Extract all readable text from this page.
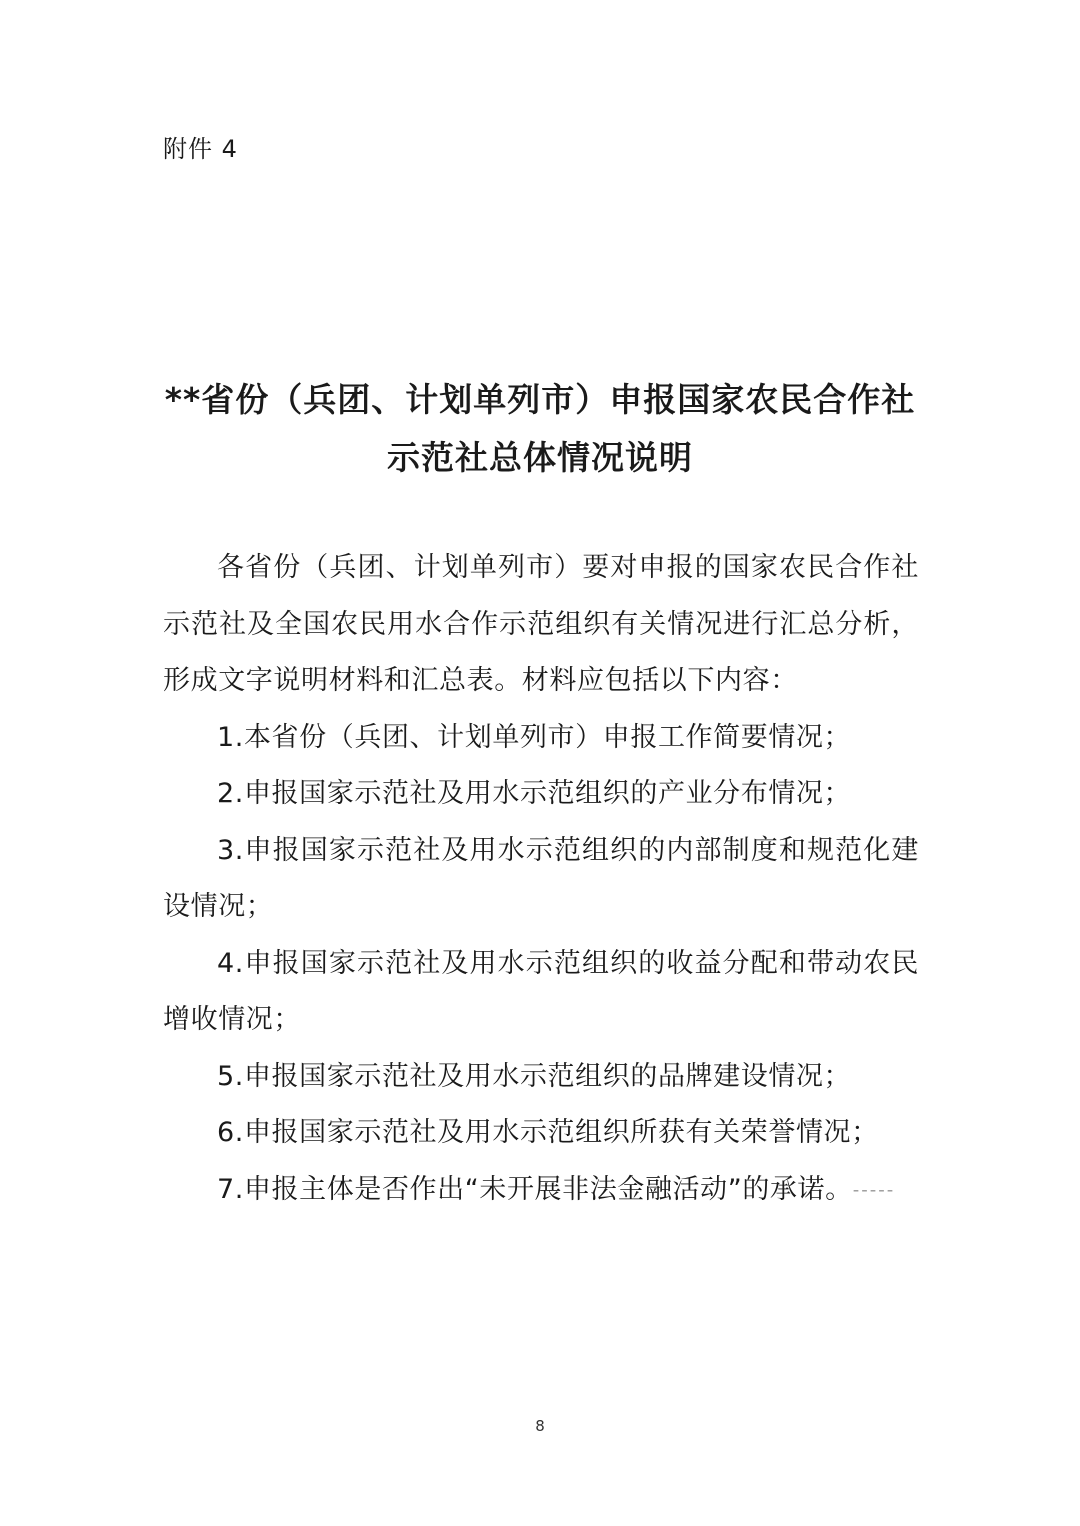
附件 4
**省份（兵团、计划单列市）申报国家农民合作社
示范社总体情况说明

各省份（兵团、计划单列市）要对申报的国家农民合作社示范社及全国农民用水合作示范组织有关情况进行汇总分析，形成文字说明材料和汇总表。材料应包括以下内容：

1.本省份（兵团、计划单列市）申报工作简要情况；

2.申报国家示范社及用水示范组织的产业分布情况；

3.申报国家示范社及用水示范组织的内部制度和规范化建设情况；

4.申报国家示范社及用水示范组织的收益分配和带动农民增收情况；

5.申报国家示范社及用水示范组织的品牌建设情况；

6.申报国家示范社及用水示范组织所获有关荣誉情况；

7.申报主体是否作出“未开展非法金融活动”的承诺。-----

8
